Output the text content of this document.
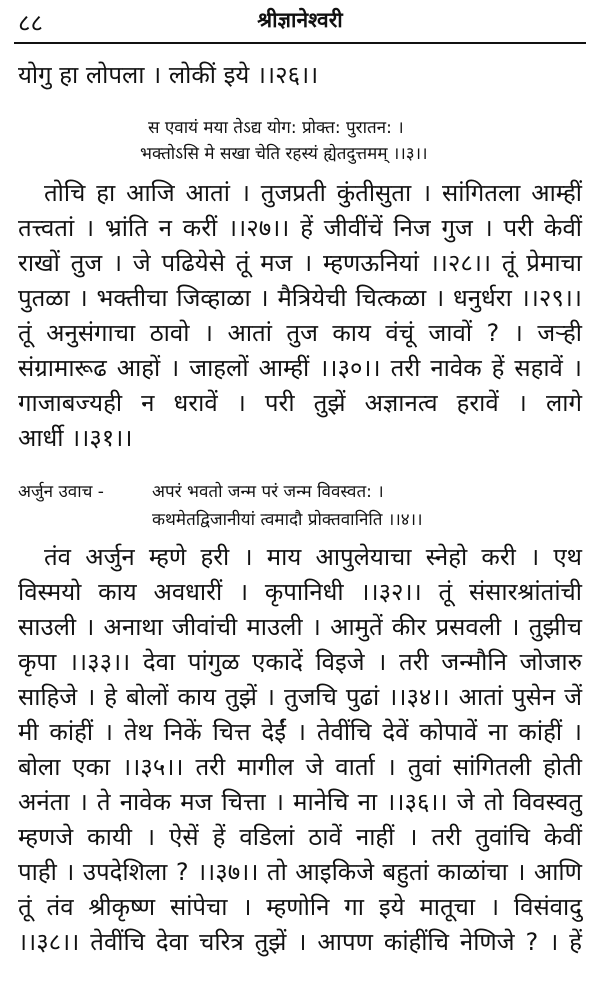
८८	श्रीज्ञानेश्वरी
योगु हा लोपला । लोकीं इये ।।२६।।
स एवायं मया तेऽद्य योग: प्रोक्त: पुरातन: ।
भक्तोऽसि मे सखा चेति रहस्यं ह्येतदुत्तमम् ।।३।।
तोचि हा आजि आतां । तुजप्रती कुंतीसुता । सांगितला आम्हीं
तत्त्वतां । भ्रांति न करीं ।।२७।। हें जीवींचें निज गुज । परी केवीं
राखों तुज । जे पढियेसे तूं मज । म्हणऊनियां ।।२८।। तूं प्रेमाचा
पुतळा । भक्तीचा जिव्हाळा । मैत्रियेची चित्कळा । धनुर्धरा ।।२९।।
तूं अनुसंगाचा ठावो । आतां तुज काय वंचूं जावों ? । जर्‍ही
संग्रामारूढ आहों । जाहलों आम्हीं ।।३०।। तरी नावेक हें सहावें ।
गाजाबज्यही न धरावें । परी तुझें अज्ञानत्व हरावें । लागे
आर्धी ।।३१।।
अर्जुन उवाच -	अपरं भवतो जन्म परं जन्म विवस्वत: ।
कथमेतद्विजानीयां त्वमादौ प्रोक्तवानिति ।।४।।
तंव अर्जुन म्हणे हरी । माय आपुलेयाचा स्नेहो करी । एथ
विस्मयो काय अवधारीं । कृपानिधी ।।३२।। तूं संसारश्रांतांची
साउली । अनाथा जीवांची माउली । आमुतें कीर प्रसवली । तुझीच
कृपा ।।३३।। देवा पांगुळ एकादें विइजे । तरी जन्मौनि जोजारु
साहिजे । हे बोलों काय तुझें । तुजचि पुढां ।।३४।। आतां पुसेन जें
मी कांहीं । तेथ निकें चित्त देईं । तेवींचि देवें कोपावें ना कांहीं ।
बोला एका ।।३५।। तरी मागील जे वार्ता । तुवां सांगितली होती
अनंता । ते नावेक मज चित्ता । मानेचि ना ।।३६।। जे तो विवस्वतु
म्हणजे कायी । ऐसें हें वडिलां ठावें नाहीं । तरी तुवांचि केवीं
पाही । उपदेशिला ? ।।३७।। तो आइकिजे बहुतां काळांचा । आणि
तूं तंव श्रीकृष्ण सांपेचा । म्हणोनि गा इये मातूचा । विसंवादु
।।३८।। तेवींचि देवा चरित्र तुझें । आपण कांहींचि नेणिजे ? । हें
